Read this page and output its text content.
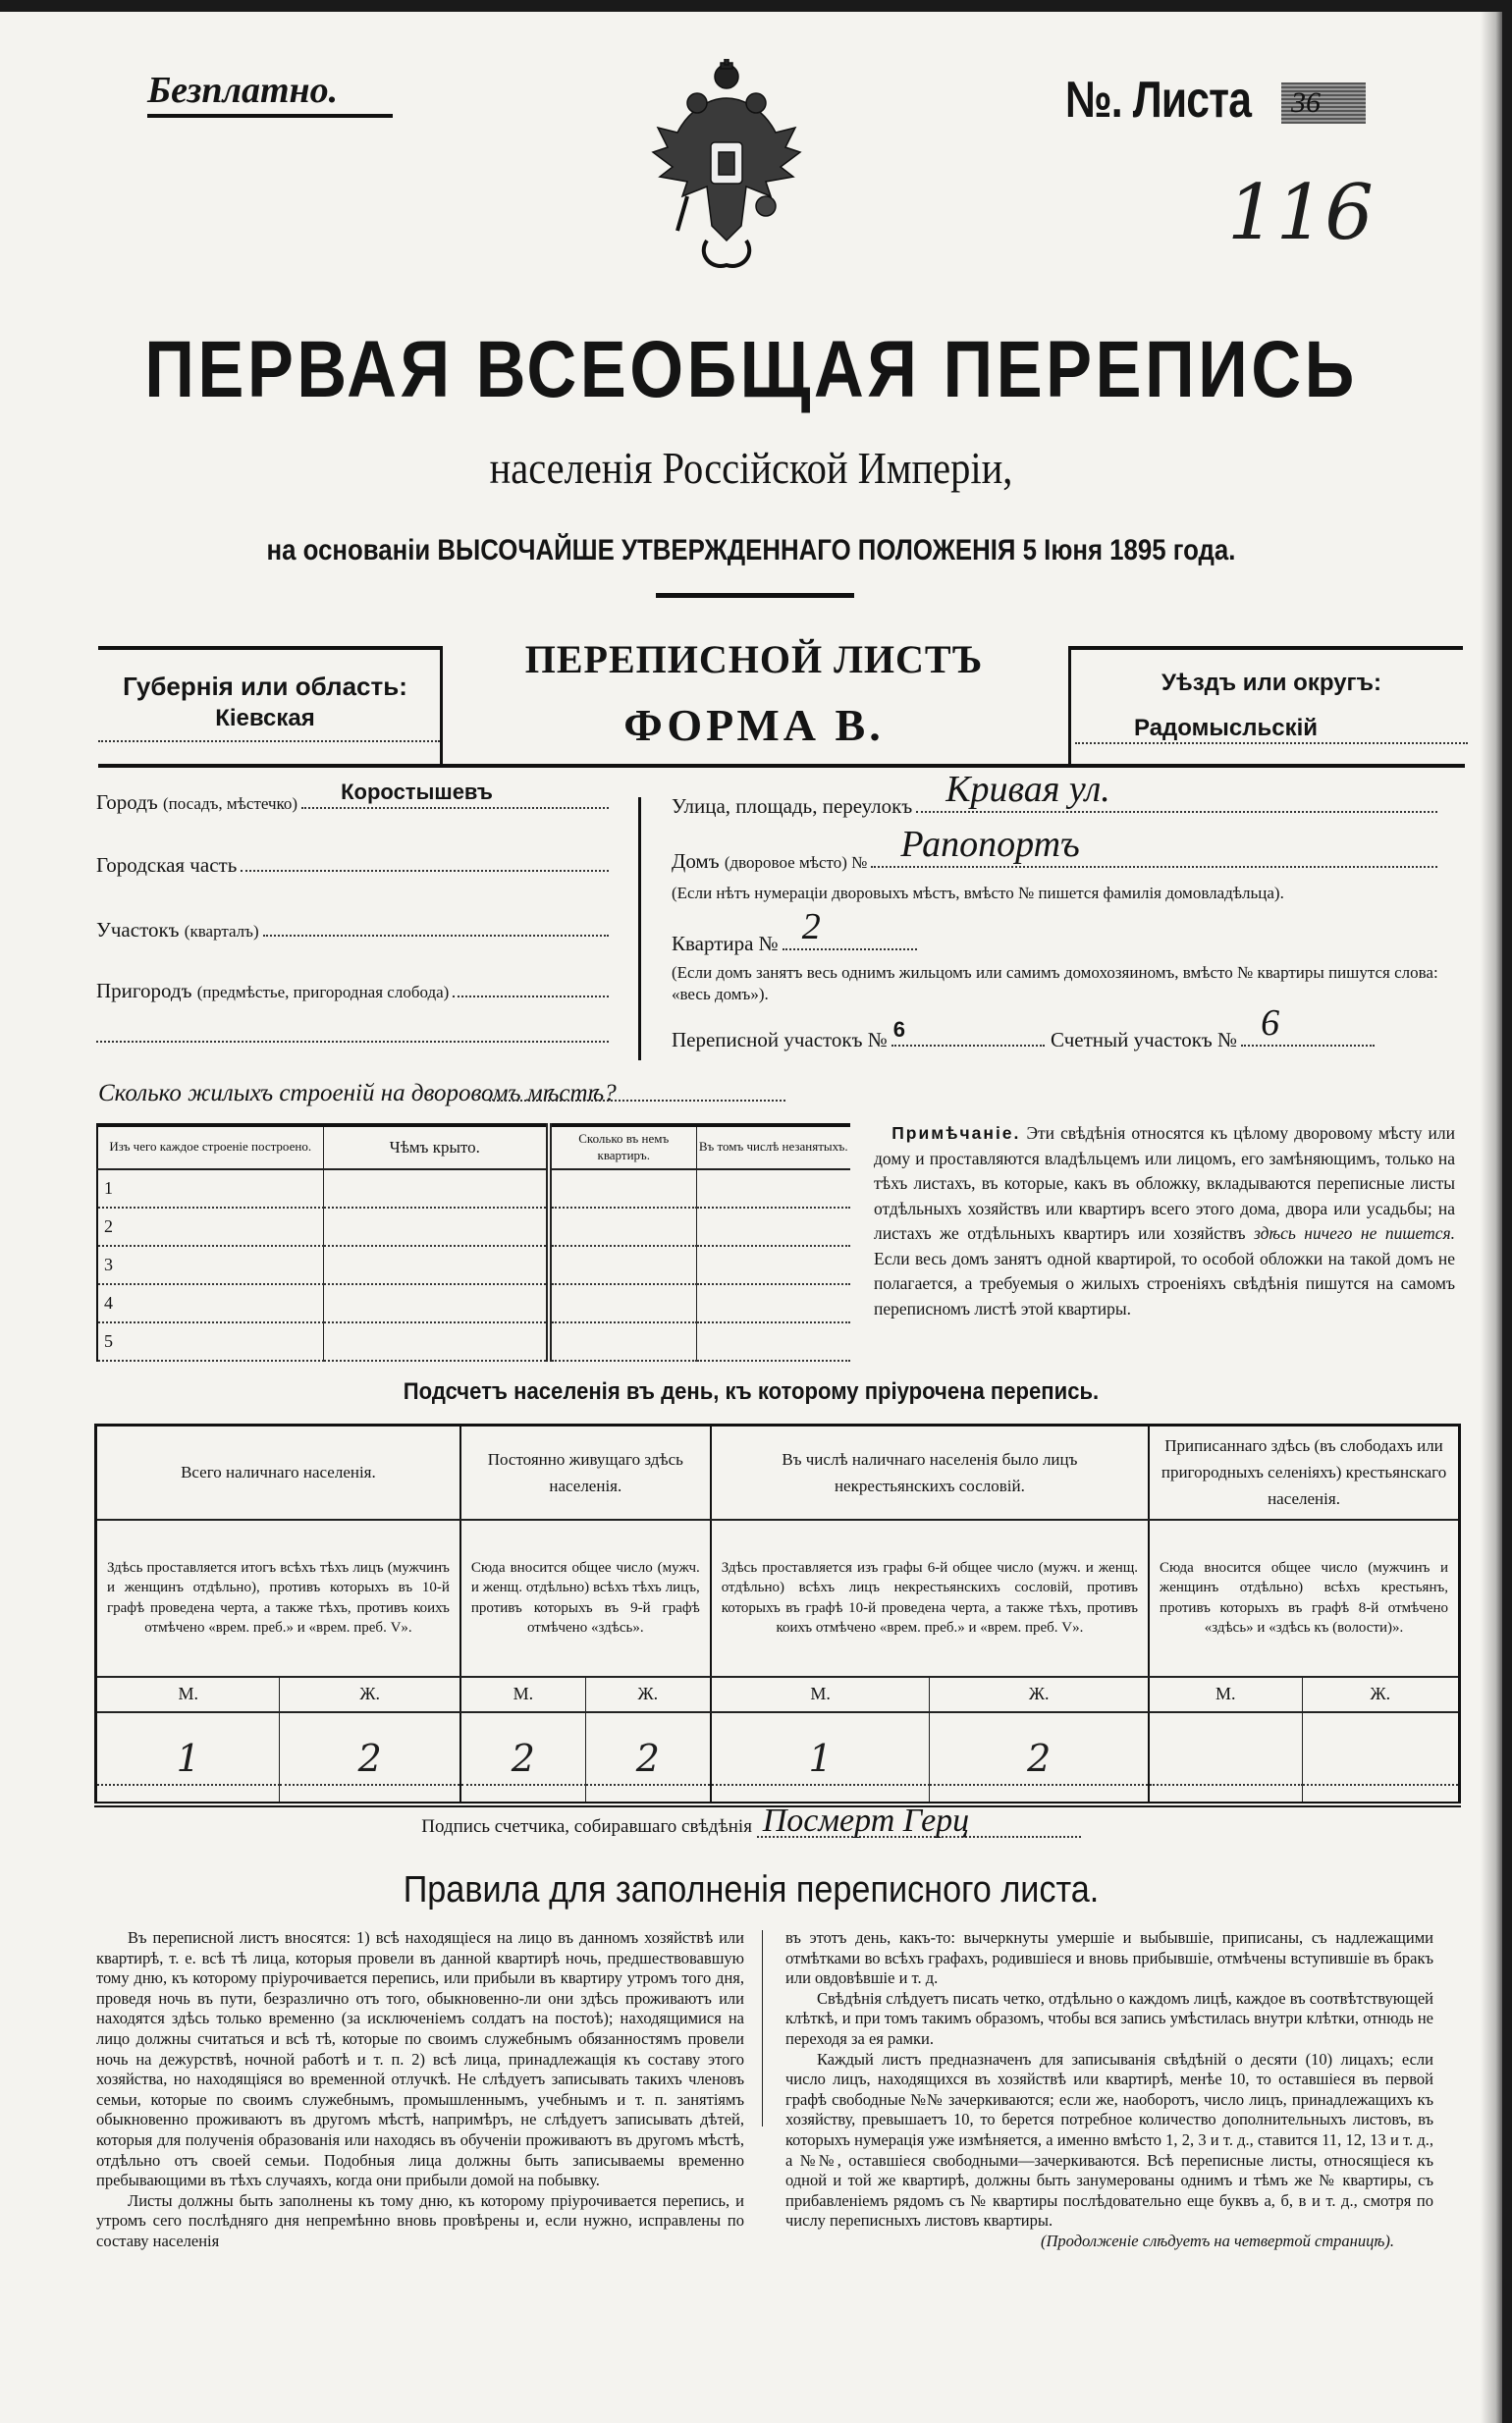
Безплатно.	№. Листа	36
116
ПЕРВАЯ ВСЕОБЩАЯ ПЕРЕПИСЬ
населенія Россійской Имперіи,
на основаніи ВЫСОЧАЙШЕ УТВЕРЖДЕННАГО ПОЛОЖЕНІЯ 5 Іюня 1895 года.
Губернія или область:
Кіевская
ПЕРЕПИСНОЙ ЛИСТЪ
ФОРМА В.
Уѣздъ или округъ:
Радомысльскій
Городъ
(посадъ, мѣстечко) Коростышевъ
Городская часть
Участокъ
(кварталъ)
Пригородъ
(предмѣстье, пригородная слобода)
Улица, площадь, переулокъ Кривая ул.
Домъ
(дворовое мѣсто) № Рапопортъ
(Если нѣтъ нумераціи дворовыхъ мѣстъ, вмѣсто № пишется фамилія домовладѣльца).
Квартира № 2
(Если домъ занятъ весь однимъ жильцомъ или самимъ домохозяиномъ, вмѣсто № квартиры пишутся слова: «весь домъ»).
Переписной участокъ № 6	Счетный участокъ № 6
Сколько жилыхъ строеній на дворовомъ мѣстѣ?
Изъ чего каждое строеніе построено.	Чѣмъ крыто.	Сколько въ немъ квартиръ.	Въ томъ числѣ незанятыхъ.
1			
2			
3			
4			
5			
Примѣчаніе. Эти свѣдѣнія относятся къ цѣлому дворовому мѣсту или дому и проставляются владѣльцемъ или лицомъ, его замѣняющимъ, только на тѣхъ листахъ, въ которые, какъ въ обложку, вкладываются переписные листы отдѣльныхъ хозяйствъ или квартиръ всего этого дома, двора или усадьбы; на листахъ же отдѣльныхъ квартиръ или хозяйствъ здѣсь ничего не пишется. Если весь домъ занятъ одной квартирой, то особой обложки на такой домъ не полагается, а требуемыя о жилыхъ строеніяхъ свѣдѣнія пишутся на самомъ переписномъ листѣ этой квартиры.
Подсчетъ населенія въ день, къ которому пріурочена перепись.
Всего наличнаго населенія.		Постоянно живущаго здѣсь населенія.		Въ числѣ наличнаго населенія было лицъ некрестьянскихъ сословій.		Приписаннаго здѣсь (въ слободахъ или пригородныхъ селеніяхъ) крестьянскаго населенія.	
Здѣсь проставляется итогъ всѣхъ тѣхъ лицъ (мужчинъ и женщинъ отдѣльно), противъ которыхъ въ 10-й графѣ проведена черта, а также тѣхъ, противъ коихъ отмѣчено «врем. преб.» и «врем. преб. V».		Сюда вносится общее число (мужч. и женщ. отдѣльно) всѣхъ тѣхъ лицъ, противъ которыхъ въ 9-й графѣ отмѣчено «здѣсь».		Здѣсь проставляется изъ графы 6-й общее число (мужч. и женщ. отдѣльно) всѣхъ лицъ некрестьянскихъ сословій, противъ которыхъ въ графѣ 10-й проведена черта, а также тѣхъ, противъ коихъ отмѣчено «врем. преб.» и «врем. преб. V».		Сюда вносится общее число (мужчинъ и женщинъ отдѣльно) всѣхъ крестьянъ, противъ которыхъ въ графѣ 8-й отмѣчено «здѣсь» и «здѣсь къ (волости)».	
М.	Ж.	М.	Ж.	М.	Ж.	М.	Ж.
1	2	2	2	1	2		

Подпись счетчика, собиравшаго свѣдѣнія Посмерт Герц
Правила для заполненія переписного листа.

Въ переписной листъ вносятся: 1) всѣ находящіеся на лицо въ данномъ хозяйствѣ или квартирѣ, т. е. всѣ тѣ лица, которыя провели въ данной квартирѣ ночь, предшествовавшую тому дню, къ которому пріурочивается перепись, или прибыли въ квартиру утромъ того дня, проведя ночь въ пути, безразлично отъ того, обыкновенно-ли они здѣсь проживаютъ или находятся здѣсь только временно (за исключеніемъ солдатъ на постоѣ); находящимися на лицо должны считаться и всѣ тѣ, которые по своимъ служебнымъ обязанностямъ провели ночь на дежурствѣ, ночной работѣ и т. п. 2) всѣ лица, принадлежащія къ составу этого хозяйства, но находящіяся во временной отлучкѣ. Не слѣдуетъ записывать такихъ членовъ семьи, которые по своимъ служебнымъ, промышленнымъ, учебнымъ и т. п. занятіямъ обыкновенно проживаютъ въ другомъ мѣстѣ, напримѣръ, не слѣдуетъ записывать дѣтей, которыя для полученія образованія или находясь въ обученіи проживаютъ въ другомъ мѣстѣ, отдѣльно отъ своей семьи. Подобныя лица должны быть записываемы временно пребывающими въ тѣхъ случаяхъ, когда они прибыли домой на побывку.

Листы должны быть заполнены къ тому дню, къ которому пріурочивается перепись, и утромъ сего послѣдняго дня непремѣнно вновь провѣрены и, если нужно, исправлены по составу населенія

въ этотъ день, какъ-то: вычеркнуты умершіе и выбывшіе, приписаны, съ надлежащими отмѣтками во всѣхъ графахъ, родившіеся и вновь прибывшіе, отмѣчены вступившіе въ бракъ или овдовѣвшіе и т. д.

Свѣдѣнія слѣдуетъ писать четко, отдѣльно о каждомъ лицѣ, каждое въ соотвѣтствующей клѣткѣ, и при томъ такимъ образомъ, чтобы вся запись умѣстилась внутри клѣтки, отнюдь не переходя за ея рамки.

Каждый листъ предназначенъ для записыванія свѣдѣній о десяти (10) лицахъ; если число лицъ, находящихся въ хозяйствѣ или квартирѣ, менѣе 10, то оставшіеся въ первой графѣ свободные №№ зачеркиваются; если же, наоборотъ, число лицъ, принадлежащихъ къ хозяйству, превышаетъ 10, то берется потребное количество дополнительныхъ листовъ, въ которыхъ нумерація уже измѣняется, а именно вмѣсто 1, 2, 3 и т. д., ставится 11, 12, 13 и т. д., а №№, оставшіеся свободными—зачеркиваются. Всѣ переписные листы, относящіеся къ одной и той же квартирѣ, должны быть занумерованы однимъ и тѣмъ же № квартиры, съ прибавленіемъ рядомъ съ № квартиры послѣдовательно еще буквъ а, б, в и т. д., смотря по числу переписныхъ листовъ квартиры.

(Продолженіе слѣдуетъ на четвертой страницѣ).
